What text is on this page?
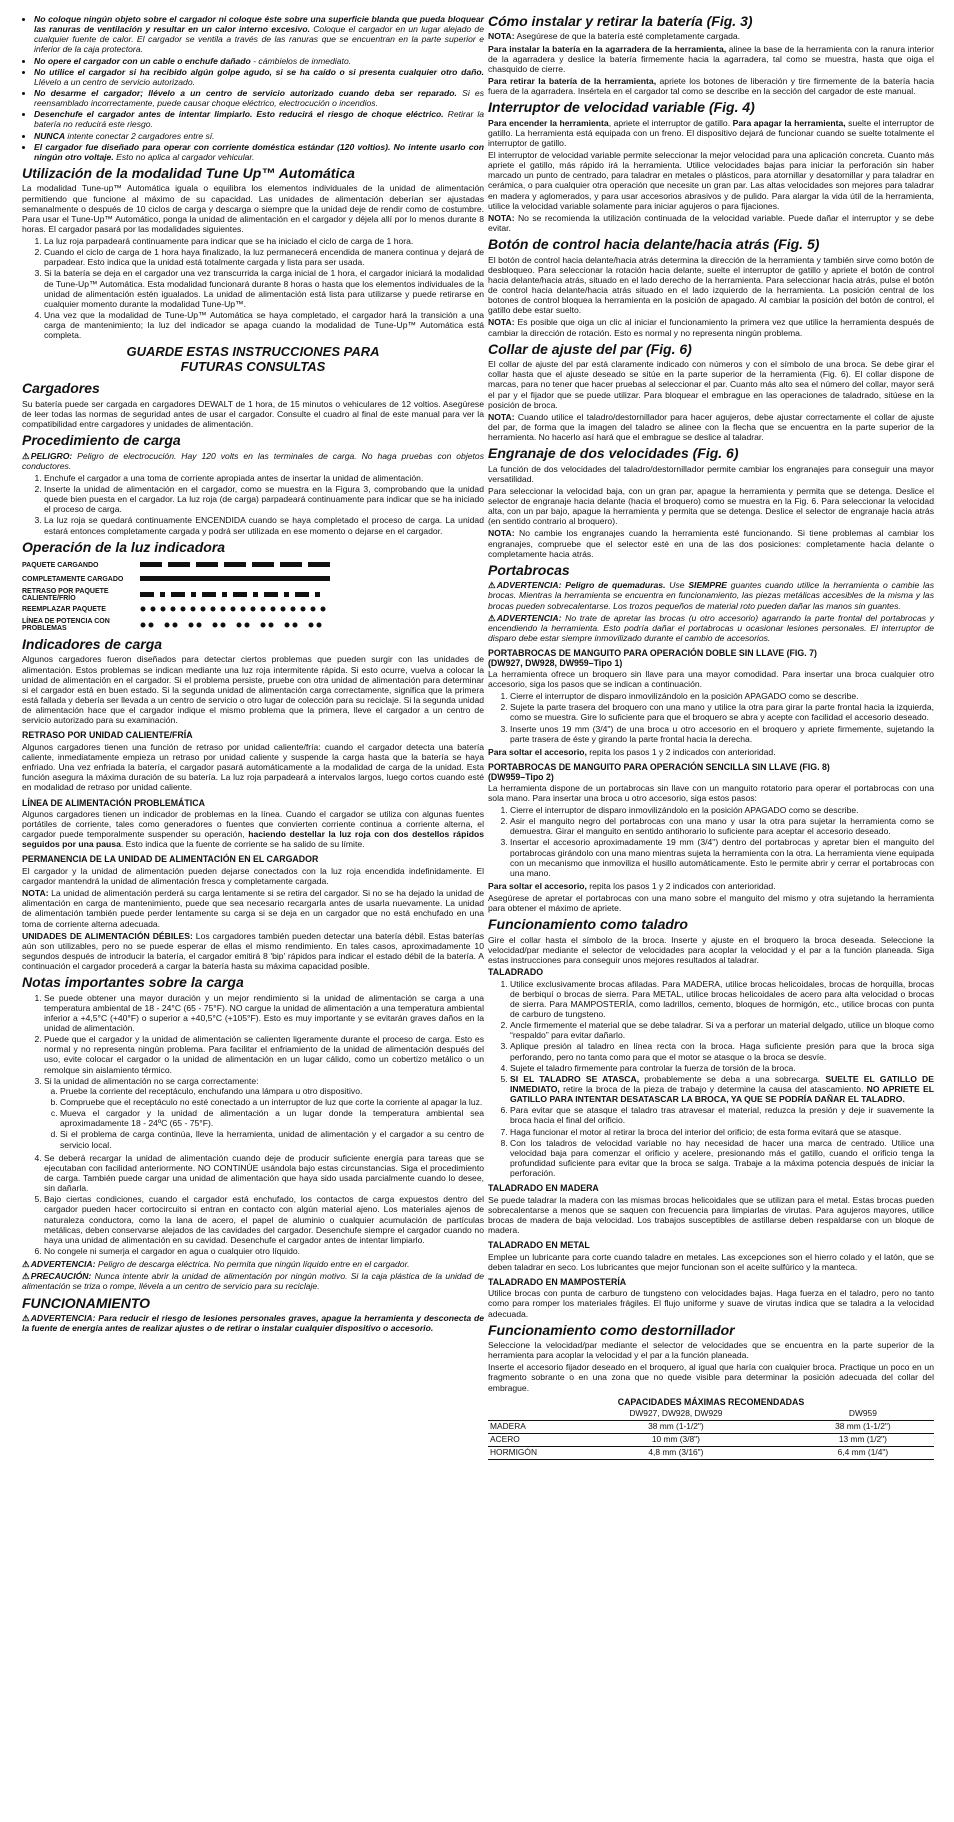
• No coloque ningún objeto sobre el cargador ni coloque éste sobre una superficie blanda que pueda bloquear las ranuras de ventilación y resultar en un calor interno excesivo. Coloque el cargador en un lugar alejado de cualquier fuente de calor. El cargador se ventila a través de las ranuras que se encuentran en la parte superior e inferior de la caja protectora.
• No opere el cargador con un cable o enchufe dañado - cámbielos de inmediato.
• No utilice el cargador si ha recibido algún golpe agudo, si se ha caído o si presenta cualquier otro daño. Llévelo a un centro de servicio autorizado.
• No desarme el cargador; llévelo a un centro de servicio autorizado cuando deba ser reparado. Si es reensamblado incorrectamente, puede causar choque eléctrico, electrocución o incendios.
• Desenchufe el cargador antes de intentar limpiarlo. Esto reducirá el riesgo de choque eléctrico. Retirar la batería no reducirá este riesgo.
• NUNCA intente conectar 2 cargadores entre sí.
• El cargador fue diseñado para operar con corriente doméstica estándar (120 voltios). No intente usarlo con ningún otro voltaje. Esto no aplica al cargador vehicular.
Utilización de la modalidad Tune Up™ Automática

La modalidad Tune-up™ Automática iguala o equilibra los elementos individuales de la unidad de alimentación permitiendo que funcione al máximo de su capacidad. Las unidades de alimentación deberían ser ajustadas semanalmente o después de 10 ciclos de carga y descarga o siempre que la unidad deje de rendir como de costumbre. Para usar el Tune-Up™ Automático, ponga la unidad de alimentación en el cargador y déjela allí por lo menos durante 8 horas. El cargador pasará por las modalidades siguientes.

1. La luz roja parpadeará continuamente para indicar que se ha iniciado el ciclo de carga de 1 hora.
2. Cuando el ciclo de carga de 1 hora haya finalizado, la luz permanecerá encendida de manera continua y dejará de parpadear. Esto indica que la unidad está totalmente cargada y lista para ser usada.
3. Si la batería se deja en el cargador una vez transcurrida la carga inicial de 1 hora, el cargador iniciará la modalidad de Tune-Up™ Automática. Esta modalidad funcionará durante 8 horas o hasta que los elementos individuales de la unidad de alimentación estén igualados. La unidad de alimentación está lista para utilizarse y puede retirarse en cualquier momento durante la modalidad Tune-Up™.
4. Una vez que la modalidad de Tune-Up™ Automática se haya completado, el cargador hará la transición a una carga de mantenimiento; la luz del indicador se apaga cuando la modalidad de Tune-Up™ Automática está completa.
GUARDE ESTAS INSTRUCCIONES PARA FUTURAS CONSULTAS
Cargadores

Su batería puede ser cargada en cargadores DEWALT de 1 hora, de 15 minutos o vehiculares de 12 voltios. Asegúrese de leer todas las normas de seguridad antes de usar el cargador. Consulte el cuadro al final de este manual para ver la compatibilidad entre cargadores y unidades de alimentación.

Procedimiento de carga

⚠PELIGRO: Peligro de electrocución. Hay 120 volts en las terminales de carga. No haga pruebas con objetos conductores.

1. Enchufe el cargador a una toma de corriente apropiada antes de insertar la unidad de alimentación.
2. Inserte la unidad de alimentación en el cargador, como se muestra en la Figura 3, comprobando que la unidad quede bien puesta en el cargador. La luz roja (de carga) parpadeará continuamente para indicar que se ha iniciado el proceso de carga.
3. La luz roja se quedará continuamente ENCENDIDA cuando se haya completado el proceso de carga. La unidad estará entonces completamente cargada y podrá ser utilizada en ese momento o dejarse en el cargador.
Operación de la luz indicadora
PAQUETE CARGANDO
COMPLETAMENTE CARGADO
RETRASO POR PAQUETE CALIENTE/FRÍO
REEMPLAZAR PAQUETE
LÍNEA DE POTENCIA CON PROBLEMAS
Indicadores de carga

Algunos cargadores fueron diseñados para detectar ciertos problemas que pueden surgir con las unidades de alimentación. Estos problemas se indican mediante una luz roja intermitente rápida. Si esto ocurre, vuelva a colocar la unidad de alimentación en el cargador. Si el problema persiste, pruebe con otra unidad de alimentación para determinar si el cargador está en buen estado. Si la segunda unidad de alimentación carga correctamente, significa que la primera está fallada y debería ser llevada a un centro de servicio o otro lugar de colección para su reciclaje. Si la segunda unidad de alimentación hace que el cargador indique el mismo problema que la primera, lleve el cargador a un centro de servicio autorizado para su examinación.

RETRASO POR UNIDAD CALIENTE/FRÍA

Algunos cargadores tienen una función de retraso por unidad caliente/fría: cuando el cargador detecta una batería caliente, inmediatamente empieza un retraso por unidad caliente y suspende la carga hasta que la batería se haya enfriado. Una vez enfriada la batería, el cargador pasará automáticamente a la modalidad de carga de la unidad. Esta función asegura la máxima duración de su batería. La luz roja parpadeará a intervalos largos, luego cortos cuando esté en modalidad de retraso por unidad caliente.

LÍNEA DE ALIMENTACIÓN PROBLEMÁTICA

Algunos cargadores tienen un indicador de problemas en la línea. Cuando el cargador se utiliza con algunas fuentes portátiles de corriente, tales como generadores o fuentes que convierten corriente continua a corriente alterna, el cargador puede temporalmente suspender su operación, haciendo destellar la luz roja con dos destellos rápidos seguidos por una pausa. Esto indica que la fuente de corriente se ha salido de su límite.

PERMANENCIA DE LA UNIDAD DE ALIMENTACIÓN EN EL CARGADOR

El cargador y la unidad de alimentación pueden dejarse conectados con la luz roja encendida indefinidamente. El cargador mantendrá la unidad de alimentación fresca y completamente cargada.

NOTA: La unidad de alimentación perderá su carga lentamente si se retira del cargador. Si no se ha dejado la unidad de alimentación en carga de mantenimiento, puede que sea necesario recargarla antes de usarla nuevamente. La unidad de alimentación también puede perder lentamente su carga si se deja en un cargador que no está enchufado en una toma de corriente alterna adecuada.

UNIDADES DE ALIMENTACIÓN DÉBILES: Los cargadores también pueden detectar una batería débil. Estas baterías aún son utilizables, pero no se puede esperar de ellas el mismo rendimiento. En tales casos, aproximadamente 10 segundos después de introducir la batería, el cargador emitirá 8 'bip' rápidos para indicar el estado débil de la batería. A continuación el cargador procederá a cargar la batería hasta su máxima capacidad posible.

Notas importantes sobre la carga
1. Se puede obtener una mayor duración y un mejor rendimiento si la unidad de alimentación se carga a una temperatura ambiental de 18 - 24°C (65 - 75°F). NO cargue la unidad de alimentación a una temperatura ambiental inferior a +4,5°C (+40°F) o superior a +40,5°C (+105°F). Esto es muy importante y se evitarán graves daños en la unidad de alimentación.
2. Puede que el cargador y la unidad de alimentación se calienten ligeramente durante el proceso de carga. Esto es normal y no representa ningún problema. Para facilitar el enfriamiento de la unidad de alimentación después del uso, evite colocar el cargador o la unidad de alimentación en un lugar cálido, como un cobertizo metálico o un remolque sin aislamiento térmico.
3. Si la unidad de alimentación no se carga correctamente:
a. Pruebe la corriente del receptáculo, enchufando una lámpara u otro dispositivo.
b. Compruebe que el receptáculo no esté conectado a un interruptor de luz que corte la corriente al apagar la luz.
c. Mueva el cargador y la unidad de alimentación a un lugar donde la temperatura ambiental sea aproximadamente 18 - 24ºC (65 - 75°F).
d. Si el problema de carga continúa, lleve la herramienta, unidad de alimentación y el cargador a su centro de servicio local.
4. Se deberá recargar la unidad de alimentación cuando deje de producir suficiente energía para tareas que se ejecutaban con facilidad anteriormente. NO CONTINÚE usándola bajo estas circunstancias. Siga el procedimiento de carga. También puede cargar una unidad de alimentación que haya sido usada parcialmente cuando lo desee, sin dañarla.
5. Bajo ciertas condiciones, cuando el cargador está enchufado, los contactos de carga expuestos dentro del cargador pueden hacer cortocircuito si entran en contacto con algún material ajeno. Los materiales ajenos de naturaleza conductora, como la lana de acero, el papel de aluminio o cualquier acumulación de partículas metálicas, deben conservarse alejados de las cavidades del cargador. Desenchufe siempre el cargador cuando no haya una unidad de alimentación en su cavidad. Desenchufe el cargador antes de intentar limpiarlo.
6. No congele ni sumerja el cargador en agua o cualquier otro líquido.

⚠ADVERTENCIA: Peligro de descarga eléctrica. No permita que ningún líquido entre en el cargador.

⚠PRECAUCIÓN: Nunca intente abrir la unidad de alimentación por ningún motivo. Si la caja plástica de la unidad de alimentación se triza o rompe, llévela a un centro de servicio para su reciclaje.

FUNCIONAMIENTO

⚠ADVERTENCIA: Para reducir el riesgo de lesiones personales graves, apague la herramienta y desconecta de la fuente de energía antes de realizar ajustes o de retirar o instalar cualquier dispositivo o accesorio.

Cómo instalar y retirar la batería (Fig. 3)

NOTA: Asegúrese de que la batería esté completamente cargada.

Para instalar la batería en la agarradera de la herramienta, alinee la base de la herramienta con la ranura interior de la agarradera y deslice la batería firmemente hacia la agarradera, tal como se muestra, hasta que oiga el chasquido de cierre.

Para retirar la batería de la herramienta, apriete los botones de liberación y tire firmemente de la batería hacia fuera de la agarradera. Insértela en el cargador tal como se describe en la sección del cargador de este manual.

Interruptor de velocidad variable (Fig. 4)

Para encender la herramienta, apriete el interruptor de gatillo. Para apagar la herramienta, suelte el interruptor de gatillo. La herramienta está equipada con un freno. El dispositivo dejará de funcionar cuando se suelte totalmente el interruptor de gatillo.

El interruptor de velocidad variable permite seleccionar la mejor velocidad para una aplicación concreta. Cuanto más apriete el gatillo, más rápido irá la herramienta. Utilice velocidades bajas para iniciar la perforación sin haber marcado un punto de centrado, para taladrar en metales o plásticos, para atornillar y desatornillar y para taladrar en cerámica, o para cualquier otra operación que necesite un gran par. Las altas velocidades son mejores para taladrar en madera y aglomerados, y para usar accesorios abrasivos y de pulido. Para alargar la vida útil de la herramienta, utilice la velocidad variable solamente para iniciar agujeros o para fijaciones.

NOTA: No se recomienda la utilización continuada de la velocidad variable. Puede dañar el interruptor y se debe evitar.

Botón de control hacia delante/hacia atrás (Fig. 5)

El botón de control hacia delante/hacia atrás determina la dirección de la herramienta y también sirve como botón de desbloqueo. Para seleccionar la rotación hacia delante, suelte el interruptor de gatillo y apriete el botón de control hacia delante/hacia atrás, situado en el lado derecho de la herramienta. Para seleccionar hacia atrás, pulse el botón de control hacia delante/hacia atrás situado en el lado izquierdo de la herramienta. La posición central de los botones de control bloquea la herramienta en la posición de apagado. Al cambiar la posición del botón de control, el gatillo debe estar suelto.

NOTA: Es posible que oiga un clic al iniciar el funcionamiento la primera vez que utilice la herramienta después de cambiar la dirección de rotación. Esto es normal y no representa ningún problema.

Collar de ajuste del par (Fig. 6)

El collar de ajuste del par está claramente indicado con números y con el símbolo de una broca. Se debe girar el collar hasta que el ajuste deseado se sitúe en la parte superior de la herramienta (Fig. 6). El collar dispone de marcas, para no tener que hacer pruebas al seleccionar el par. Cuanto más alto sea el número del collar, mayor será el par y el fijador que se puede utilizar. Para bloquear el embrague en las operaciones de taladrado, sitúese en la posición de broca.

NOTA: Cuando utilice el taladro/destornillador para hacer agujeros, debe ajustar correctamente el collar de ajuste del par, de forma que la imagen del taladro se alinee con la flecha que se encuentra en la parte superior de la herramienta. No hacerlo así hará que el embrague se deslice al taladrar.

Engranaje de dos velocidades (Fig. 6)

La función de dos velocidades del taladro/destornillador permite cambiar los engranajes para conseguir una mayor versatilidad.

Para seleccionar la velocidad baja, con un gran par, apague la herramienta y permita que se detenga. Deslice el selector de engranaje hacia delante (hacia el broquero) como se muestra en la Fig. 6. Para seleccionar la velocidad alta, con un par bajo, apague la herramienta y permita que se detenga. Deslice el selector de engranaje hacia atrás (en sentido contrario al broquero).

NOTA: No cambie los engranajes cuando la herramienta esté funcionando. Si tiene problemas al cambiar los engranajes, compruebe que el selector esté en una de las dos posiciones: completamente hacia delante o completamente hacia atrás.

Portabrocas

⚠ADVERTENCIA: Peligro de quemaduras. Use SIEMPRE guantes cuando utilice la herramienta o cambie las brocas. Mientras la herramienta se encuentra en funcionamiento, las piezas metálicas accesibles de la misma y las brocas pueden sobrecalentarse. Los trozos pequeños de material roto pueden dañar las manos sin guantes.

⚠ADVERTENCIA: No trate de apretar las brocas (u otro accesorio) agarrando la parte frontal del portabrocas y encendiendo la herramienta. Esto podría dañar el portabrocas u ocasionar lesiones personales. El interruptor de disparo debe estar siempre inmovilizado durante el cambio de accesorios.

PORTABROCAS DE MANGUITO PARA OPERACIÓN DOBLE SIN LLAVE (FIG. 7)
(DW927, DW928, DW959–Tipo 1)

La herramienta ofrece un broquero sin llave para una mayor comodidad. Para insertar una broca cualquier otro accesorio, siga los pasos que se indican a continuación.

1. Cierre el interruptor de disparo inmovilizándolo en la posición APAGADO como se describe.
2. Sujete la parte trasera del broquero con una mano y utilice la otra para girar la parte frontal hacia la izquierda, como se muestra. Gire lo suficiente para que el broquero se abra y acepte con facilidad el accesorio deseado.
3. Inserte unos 19 mm (3/4") de una broca u otro accesorio en el broquero y apriete firmemente, sujetando la parte trasera de éste y girando la parte frontal hacia la derecha.

Para soltar el accesorio, repita los pasos 1 y 2 indicados con anterioridad.

PORTABROCAS DE MANGUITO PARA OPERACIÓN SENCILLA SIN LLAVE (FIG. 8)
(DW959–Tipo 2)

La herramienta dispone de un portabrocas sin llave con un manguito rotatorio para operar el portabrocas con una sola mano. Para insertar una broca u otro accesorio, siga estos pasos:

1. Cierre el interruptor de disparo inmovilizándolo en la posición APAGADO como se describe.
2. Asir el manguito negro del portabrocas con una mano y usar la otra para sujetar la herramienta como se demuestra. Girar el manguito en sentido antihorario lo suficiente para aceptar el accesorio deseado.
3. Insertar el accesorio aproximadamente 19 mm (3/4") dentro del portabrocas y apretar bien el manguito del portabrocas girándolo con una mano mientras sujeta la herramienta con la otra. La herramienta viene equipada con un mecanismo que inmoviliza el husillo automáticamente. Esto le permite abrir y cerrar el portabrocas con una mano.

Para soltar el accesorio, repita los pasos 1 y 2 indicados con anterioridad.

Asegúrese de apretar el portabrocas con una mano sobre el manguito del mismo y otra sujetando la herramienta para obtener el máximo de apriete.

Funcionamiento como taladro

Gire el collar hasta el símbolo de la broca. Inserte y ajuste en el broquero la broca deseada. Seleccione la velocidad/par mediante el selector de velocidades para acoplar la velocidad y el par a la función planeada. Siga estas instrucciones para conseguir unos mejores resultados al taladrar.

TALADRADO
1. Utilice exclusivamente brocas afiladas. Para MADERA, utilice brocas helicoidales, brocas de horquilla, brocas de berbiquí o brocas de sierra. Para METAL, utilice brocas helicoidales de acero para alta velocidad o brocas de sierra. Para MAMPOSTERÍA, como ladrillos, cemento, bloques de hormigón, etc., utilice brocas con punta de carburo de tungsteno.
2. Ancle firmemente el material que se debe taladrar. Si va a perforar un material delgado, utilice un bloque como “respaldo” para evitar dañarlo.
3. Aplique presión al taladro en línea recta con la broca. Haga suficiente presión para que la broca siga perforando, pero no tanta como para que el motor se atasque o la broca se desvíe.
4. Sujete el taladro firmemente para controlar la fuerza de torsión de la broca.
5. SI EL TALADRO SE ATASCA, probablemente se deba a una sobrecarga. SUELTE EL GATILLO DE INMEDIATO, retire la broca de la pieza de trabajo y determine la causa del atascamiento. NO APRIETE EL GATILLO PARA INTENTAR DESATASCAR LA BROCA, YA QUE SE PODRÍA DAÑAR EL TALADRO.
6. Para evitar que se atasque el taladro tras atravesar el material, reduzca la presión y deje ir suavemente la broca hacia el final del orificio.
7. Haga funcionar el motor al retirar la broca del interior del orificio; de esta forma evitará que se atasque.
8. Con los taladros de velocidad variable no hay necesidad de hacer una marca de centrado. Utilice una velocidad baja para comenzar el orificio y acelere, presionando más el gatillo, cuando el orificio tenga la profundidad suficiente para evitar que la broca se salga. Trabaje a la máxima potencia después de iniciar la perforación.
TALADRADO EN MADERA

Se puede taladrar la madera con las mismas brocas helicoidales que se utilizan para el metal. Estas brocas pueden sobrecalentarse a menos que se saquen con frecuencia para limpiarlas de virutas. Para agujeros mayores, utilice brocas de madera de baja velocidad. Los trabajos susceptibles de astillarse deben respaldarse con un bloque de madera.

TALADRADO EN METAL

Emplee un lubricante para corte cuando taladre en metales. Las excepciones son el hierro colado y el latón, que se deben taladrar en seco. Los lubricantes que mejor funcionan son el aceite sulfúrico y la manteca.

TALADRADO EN MAMPOSTERÍA

Utilice brocas con punta de carburo de tungsteno con velocidades bajas. Haga fuerza en el taladro, pero no tanto como para romper los materiales frágiles. El flujo uniforme y suave de virutas indica que se taladra a la velocidad adecuada.

Funcionamiento como destornillador

Seleccione la velocidad/par mediante el selector de velocidades que se encuentra en la parte superior de la herramienta para acoplar la velocidad y el par a la función planeada.

Inserte el accesorio fijador deseado en el broquero, al igual que haría con cualquier broca. Practique un poco en un fragmento sobrante o en una zona que no quede visible para determinar la posición adecuada del collar del embrague.

CAPACIDADES MÁXIMAS RECOMENDADAS
	DW927, DW928, DW929	DW959
MADERA	38 mm (1-1/2")	38 mm (1-1/2")
ACERO	10 mm (3/8")	13 mm (1/2")
HORMIGÓN	4,8 mm (3/16")	6,4 mm (1/4")
